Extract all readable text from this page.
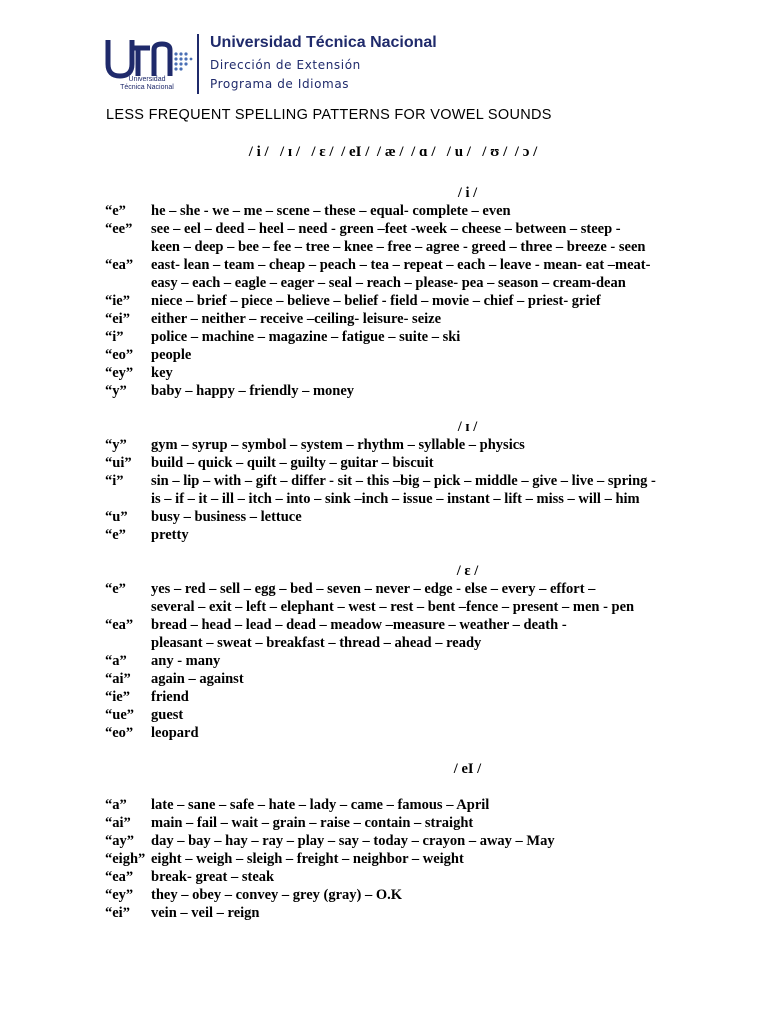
Universidad
Técnica Nacional
Universidad Técnica Nacional
Dirección de Extensión
Programa de Idiomas
LESS FREQUENT SPELLING PATTERNS FOR VOWEL SOUNDS
/ i /   / ɪ /   / ɛ /  / eI /  / æ /  / ɑ /   / u /   / ʊ /  / ɔ /
/ i /
“e”	he – she - we – me – scene – these – equal- complete – even
“ee”	see – eel – deed – heel – need - green –feet -week – cheese – between – steep -
keen – deep – bee – fee – tree – knee – free – agree - greed – three – breeze - seen
“ea”	east- lean – team – cheap – peach – tea – repeat – each – leave - mean- eat –meat-
easy – each – eagle – eager – seal – reach – please- pea – season – cream-dean
“ie”	niece – brief – piece – believe – belief - field – movie – chief – priest- grief
“ei”	either – neither – receive –ceiling- leisure- seize
“i”	police – machine – magazine – fatigue – suite – ski
“eo”	people
“ey”	key
“y”	baby – happy – friendly – money
/ ɪ /
“y”	gym – syrup – symbol – system – rhythm – syllable – physics
“ui”	build – quick – quilt – guilty – guitar – biscuit
“i”	sin – lip – with – gift – differ - sit – this –big – pick – middle – give – live – spring -
is – if – it – ill – itch – into – sink –inch – issue – instant – lift – miss – will – him
“u”	busy – business – lettuce
“e”	pretty
/ ɛ /
“e”	yes – red – sell – egg – bed – seven – never – edge - else – every – effort –
several – exit – left – elephant – west – rest – bent –fence – present – men - pen
“ea”	bread – head – lead – dead – meadow –measure – weather – death -
pleasant – sweat – breakfast – thread – ahead – ready
“a”	any - many
“ai”	again – against
“ie”	friend
“ue”	guest
“eo”	leopard
/ eI /
“a”	late – sane – safe – hate – lady – came – famous – April
“ai”	main – fail – wait – grain – raise – contain – straight
“ay”	day – bay – hay – ray – play – say – today – crayon – away – May
“eigh” eight – weigh – sleigh – freight – neighbor – weight
“ea”	break- great – steak
“ey”	they – obey – convey – grey (gray) – O.K
“ei”	vein – veil – reign
